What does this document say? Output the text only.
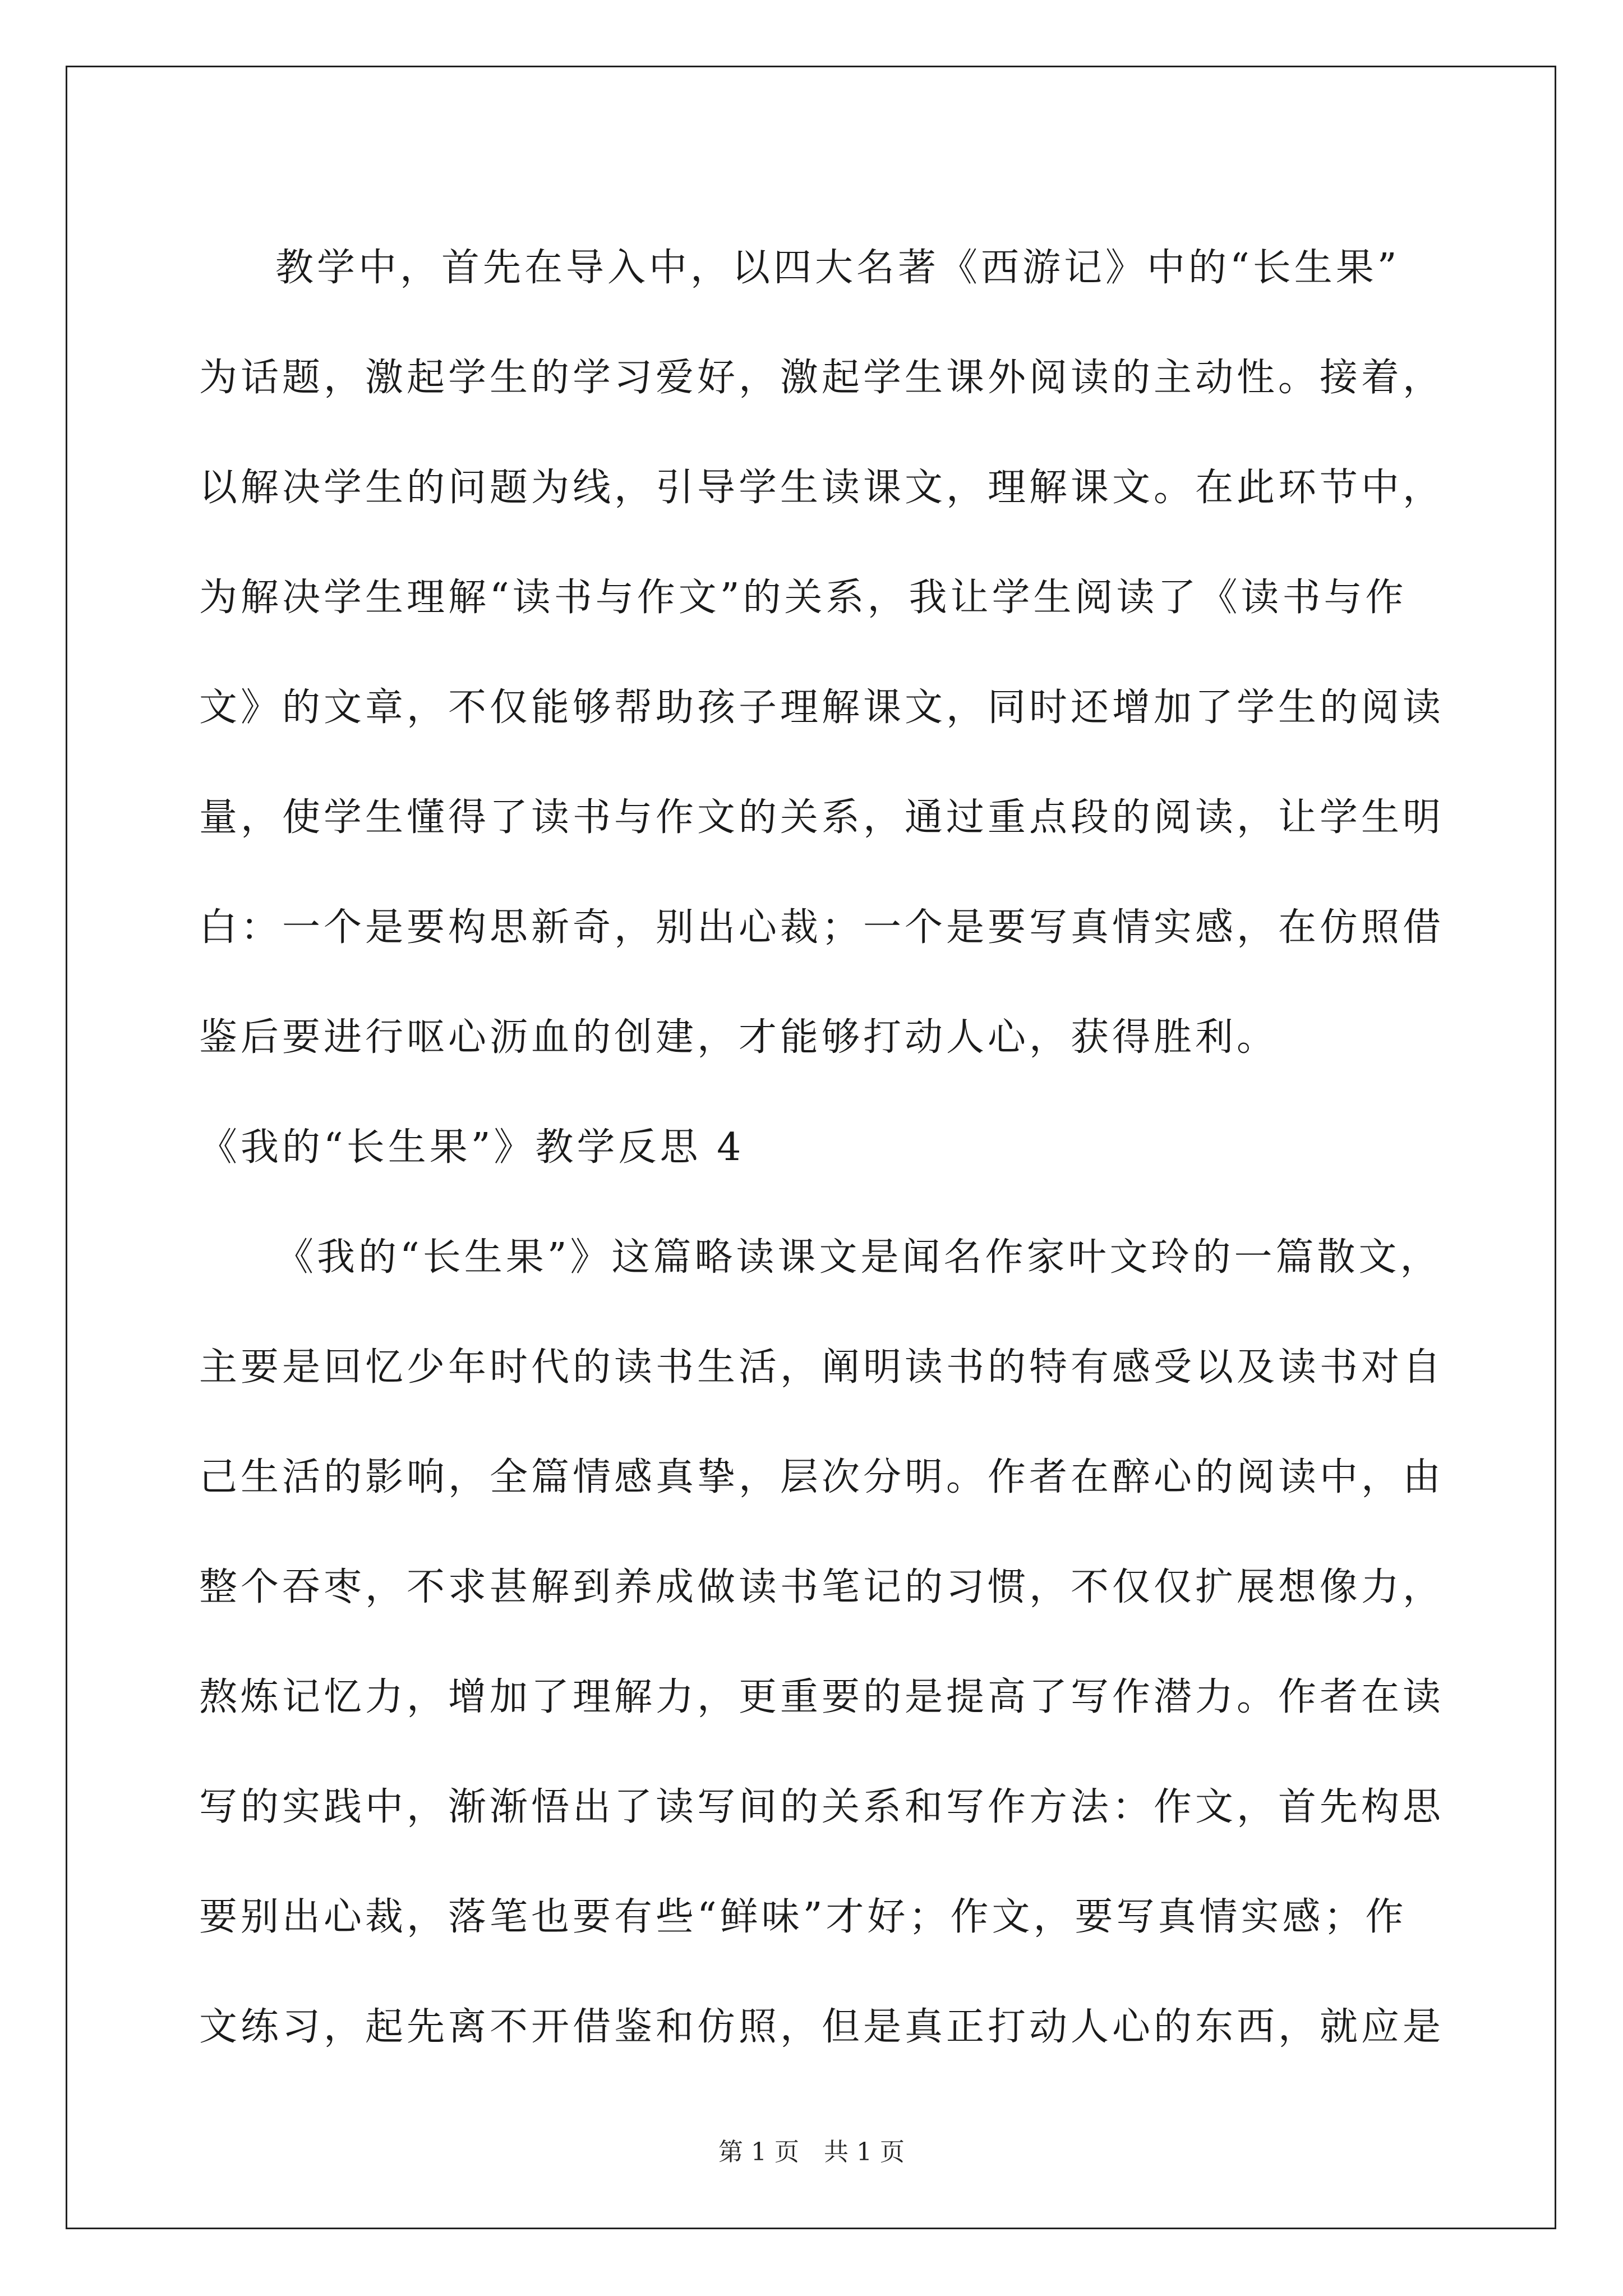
教学中，首先在导入中，以四大名著《西游记》中的“长生果”
为话题，激起学生的学习爱好，激起学生课外阅读的主动性。接着，
以解决学生的问题为线，引导学生读课文，理解课文。在此环节中，
为解决学生理解“读书与作文”的关系，我让学生阅读了《读书与作
文》的文章，不仅能够帮助孩子理解课文，同时还增加了学生的阅读
量，使学生懂得了读书与作文的关系，通过重点段的阅读，让学生明
白：一个是要构思新奇，别出心裁；一个是要写真情实感，在仿照借
鉴后要进行呕心沥血的创建，才能够打动人心，获得胜利。
《我的“长生果”》教学反思 4
《我的“长生果”》这篇略读课文是闻名作家叶文玲的一篇散文，
主要是回忆少年时代的读书生活，阐明读书的特有感受以及读书对自
己生活的影响，全篇情感真挚，层次分明。作者在醉心的阅读中，由
整个吞枣，不求甚解到养成做读书笔记的习惯，不仅仅扩展想像力，
熬炼记忆力，增加了理解力，更重要的是提高了写作潜力。作者在读
写的实践中，渐渐悟出了读写间的关系和写作方法：作文，首先构思
要别出心裁，落笔也要有些“鲜味”才好；作文，要写真情实感；作
文练习，起先离不开借鉴和仿照，但是真正打动人心的东西，就应是
第 1 页　共 1 页
